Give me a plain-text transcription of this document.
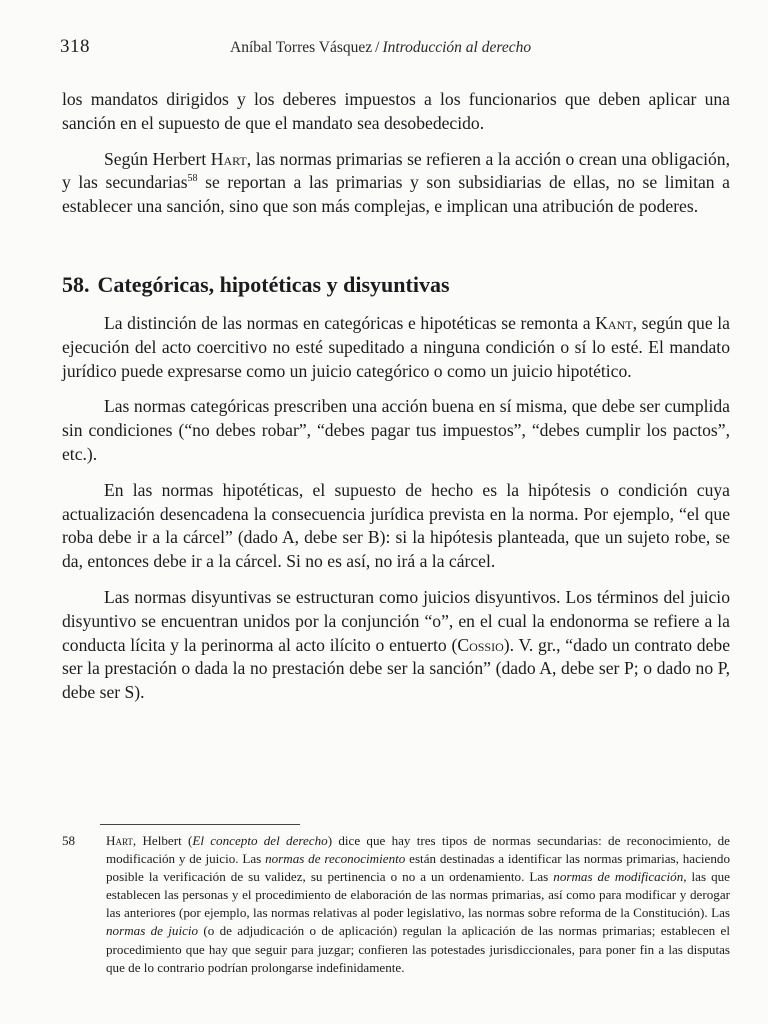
318	Aníbal Torres Vásquez / Introducción al derecho

los mandatos dirigidos y los deberes impuestos a los funcionarios que deben aplicar una sanción en el supuesto de que el mandato sea desobedecido.

Según Herbert Hart, las normas primarias se refieren a la acción o crean una obligación, y las secundarias$^{58}$ se reportan a las primarias y son subsidiarias de ellas, no se limitan a establecer una sanción, sino que son más complejas, e implican una atribución de poderes.

58. Categóricas, hipotéticas y disyuntivas

La distinción de las normas en categóricas e hipotéticas se remonta a Kant, según que la ejecución del acto coercitivo no esté supeditado a ninguna condición o sí lo esté. El mandato jurídico puede expresarse como un juicio categórico o como un juicio hipotético.

Las normas categóricas prescriben una acción buena en sí misma, que debe ser cumplida sin condiciones (“no debes robar”, “debes pagar tus impuestos”, “debes cumplir los pactos”, etc.).

En las normas hipotéticas, el supuesto de hecho es la hipótesis o condición cuya actualización desencadena la consecuencia jurídica prevista en la norma. Por ejemplo, “el que roba debe ir a la cárcel” (dado A, debe ser B): si la hipótesis planteada, que un sujeto robe, se da, entonces debe ir a la cárcel. Si no es así, no irá a la cárcel.

Las normas disyuntivas se estructuran como juicios disyuntivos. Los términos del juicio disyuntivo se encuentran unidos por la conjunción “o”, en el cual la endonorma se refiere a la conducta lícita y la perinorma al acto ilícito o entuerto (Cossio). V. gr., “dado un contrato debe ser la prestación o dada la no prestación debe ser la sanción” (dado A, debe ser P; o dado no P, debe ser S).

58 Hart, Helbert (El concepto del derecho) dice que hay tres tipos de normas secundarias: de reconocimiento, de modificación y de juicio. Las normas de reconocimiento están destinadas a identificar las normas primarias, haciendo posible la verificación de su validez, su pertinencia o no a un ordenamiento. Las normas de modificación, las que establecen las personas y el procedimiento de elaboración de las normas primarias, así como para modificar y derogar las anteriores (por ejemplo, las normas relativas al poder legislativo, las normas sobre reforma de la Constitución). Las normas de juicio (o de adjudicación o de aplicación) regulan la aplicación de las normas primarias; establecen el procedimiento que hay que seguir para juzgar; confieren las potestades jurisdiccionales, para poner fin a las disputas que de lo contrario podrían prolongarse indefinidamente.
